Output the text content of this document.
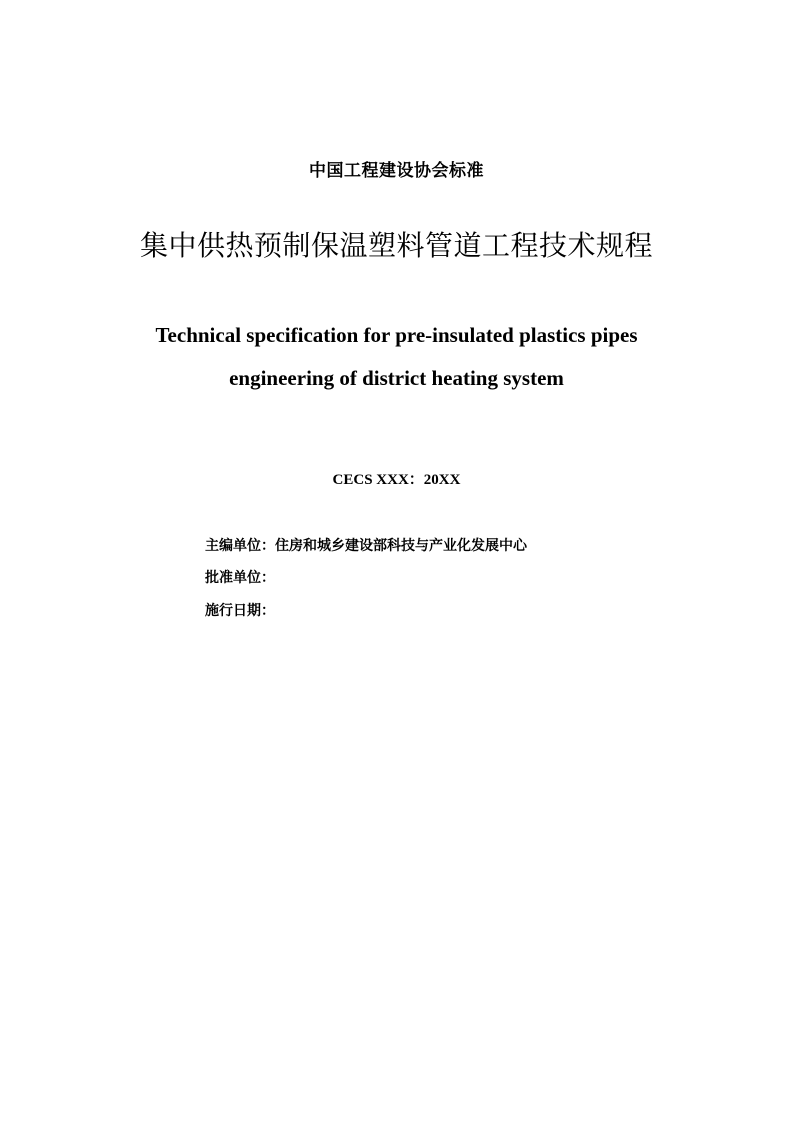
中国工程建设协会标准
集中供热预制保温塑料管道工程技术规程
Technical specification for pre-insulated plastics pipes
engineering of district heating system
CECS XXX：20XX
主编单位：住房和城乡建设部科技与产业化发展中心
批准单位：
施行日期：
